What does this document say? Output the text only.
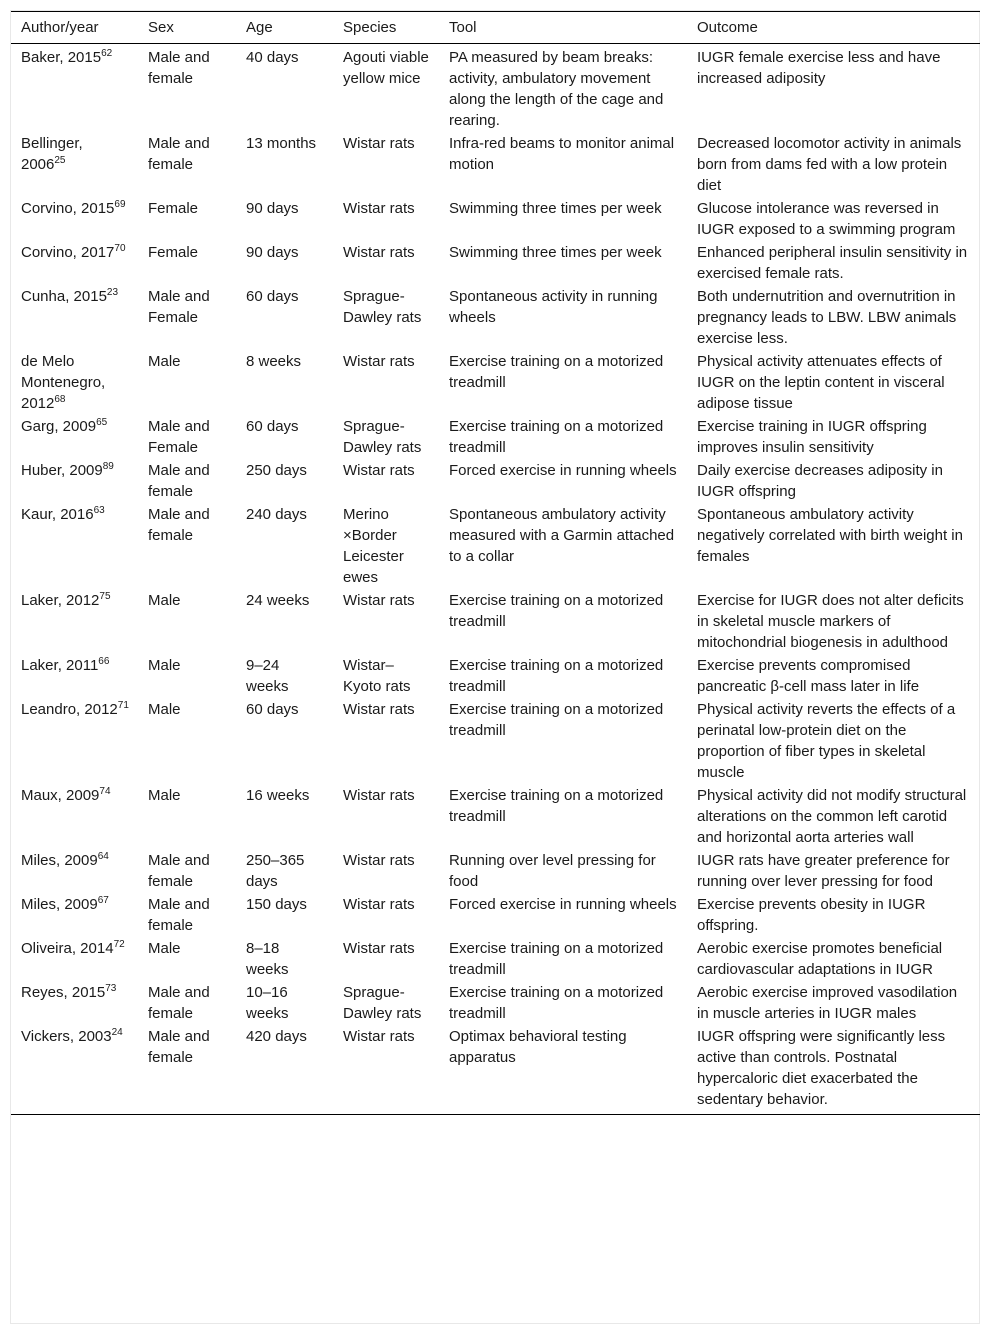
Author/year	Sex	Age	Species	Tool	Outcome
Baker, 2015$^{62}$	Male and female	40 days	Agouti viable yellow mice	PA measured by beam breaks: activity, ambulatory movement along the length of the cage and rearing.	IUGR female exercise less and have increased adiposity
Bellinger, 2006$^{25}$	Male and female	13 months	Wistar rats	Infra-red beams to monitor animal motion	Decreased locomotor activity in animals born from dams fed with a low protein diet
Corvino, 2015$^{69}$	Female	90 days	Wistar rats	Swimming three times per week	Glucose intolerance was reversed in IUGR exposed to a swimming program
Corvino, 2017$^{70}$	Female	90 days	Wistar rats	Swimming three times per week	Enhanced peripheral insulin sensitivity in exercised female rats.
Cunha, 2015$^{23}$	Male and Female	60 days	Sprague-Dawley rats	Spontaneous activity in running wheels	Both undernutrition and overnutrition in pregnancy leads to LBW. LBW animals exercise less.
de Melo Montenegro, 2012$^{68}$	Male	8 weeks	Wistar rats	Exercise training on a motorized treadmill	Physical activity attenuates effects of IUGR on the leptin content in visceral adipose tissue
Garg, 2009$^{65}$	Male and Female	60 days	Sprague-Dawley rats	Exercise training on a motorized treadmill	Exercise training in IUGR offspring improves insulin sensitivity
Huber, 2009$^{89}$	Male and female	250 days	Wistar rats	Forced exercise in running wheels	Daily exercise decreases adiposity in IUGR offspring
Kaur, 2016$^{63}$	Male and female	240 days	Merino ×Border Leicester ewes	Spontaneous ambulatory activity measured with a Garmin attached to a collar	Spontaneous ambulatory activity negatively correlated with birth weight in females
Laker, 2012$^{75}$	Male	24 weeks	Wistar rats	Exercise training on a motorized treadmill	Exercise for IUGR does not alter deficits in skeletal muscle markers of mitochondrial biogenesis in adulthood
Laker, 2011$^{66}$	Male	9–24 weeks	Wistar–Kyoto rats	Exercise training on a motorized treadmill	Exercise prevents compromised pancreatic β-cell mass later in life
Leandro, 2012$^{71}$	Male	60 days	Wistar rats	Exercise training on a motorized treadmill	Physical activity reverts the effects of a perinatal low-protein diet on the proportion of fiber types in skeletal muscle
Maux, 2009$^{74}$	Male	16 weeks	Wistar rats	Exercise training on a motorized treadmill	Physical activity did not modify structural alterations on the common left carotid and horizontal aorta arteries wall
Miles, 2009$^{64}$	Male and female	250–365 days	Wistar rats	Running over level pressing for food	IUGR rats have greater preference for running over lever pressing for food
Miles, 2009$^{67}$	Male and female	150 days	Wistar rats	Forced exercise in running wheels	Exercise prevents obesity in IUGR offspring.
Oliveira, 2014$^{72}$	Male	8–18 weeks	Wistar rats	Exercise training on a motorized treadmill	Aerobic exercise promotes beneficial cardiovascular adaptations in IUGR
Reyes, 2015$^{73}$	Male and female	10–16 weeks	Sprague-Dawley rats	Exercise training on a motorized treadmill	Aerobic exercise improved vasodilation in muscle arteries in IUGR males
Vickers, 2003$^{24}$	Male and female	420 days	Wistar rats	Optimax behavioral testing apparatus	IUGR offspring were significantly less active than controls. Postnatal hypercaloric diet exacerbated the sedentary behavior.
